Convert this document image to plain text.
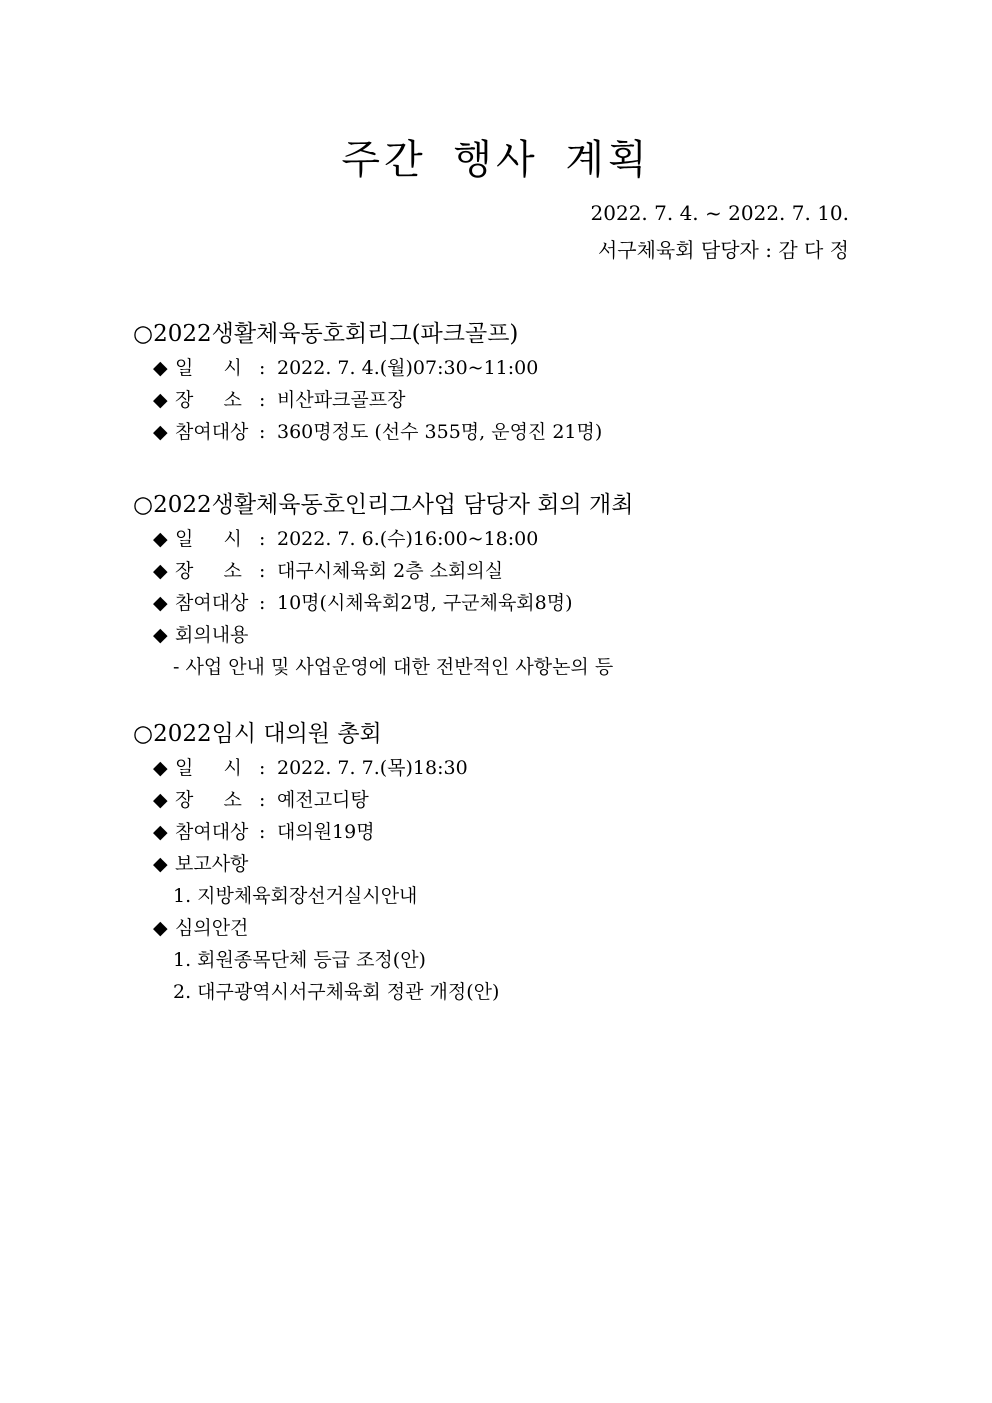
주간 행사 계획
2022. 7. 4. ~ 2022. 7. 10.
서구체육회 담당자 : 감 다 정
○2022생활체육동호회리그(파크골프)
◆ 일     시 : 2022. 7. 4.(월)07:30~11:00
◆ 장     소 : 비산파크골프장
◆ 참여대상 : 360명정도 (선수 355명, 운영진 21명)
○2022생활체육동호인리그사업 담당자 회의 개최
◆ 일     시 : 2022. 7. 6.(수)16:00~18:00
◆ 장     소 : 대구시체육회 2층 소회의실
◆ 참여대상 : 10명(시체육회2명, 구군체육회8명)
◆ 회의내용
- 사업 안내 및 사업운영에 대한 전반적인 사항논의 등
○2022임시 대의원 총회
◆ 일     시 : 2022. 7. 7.(목)18:30
◆ 장     소 : 예전고디탕
◆ 참여대상 : 대의원19명
◆ 보고사항
1. 지방체육회장선거실시안내
◆ 심의안건
1. 회원종목단체 등급 조정(안)
2. 대구광역시서구체육회 정관 개정(안)
